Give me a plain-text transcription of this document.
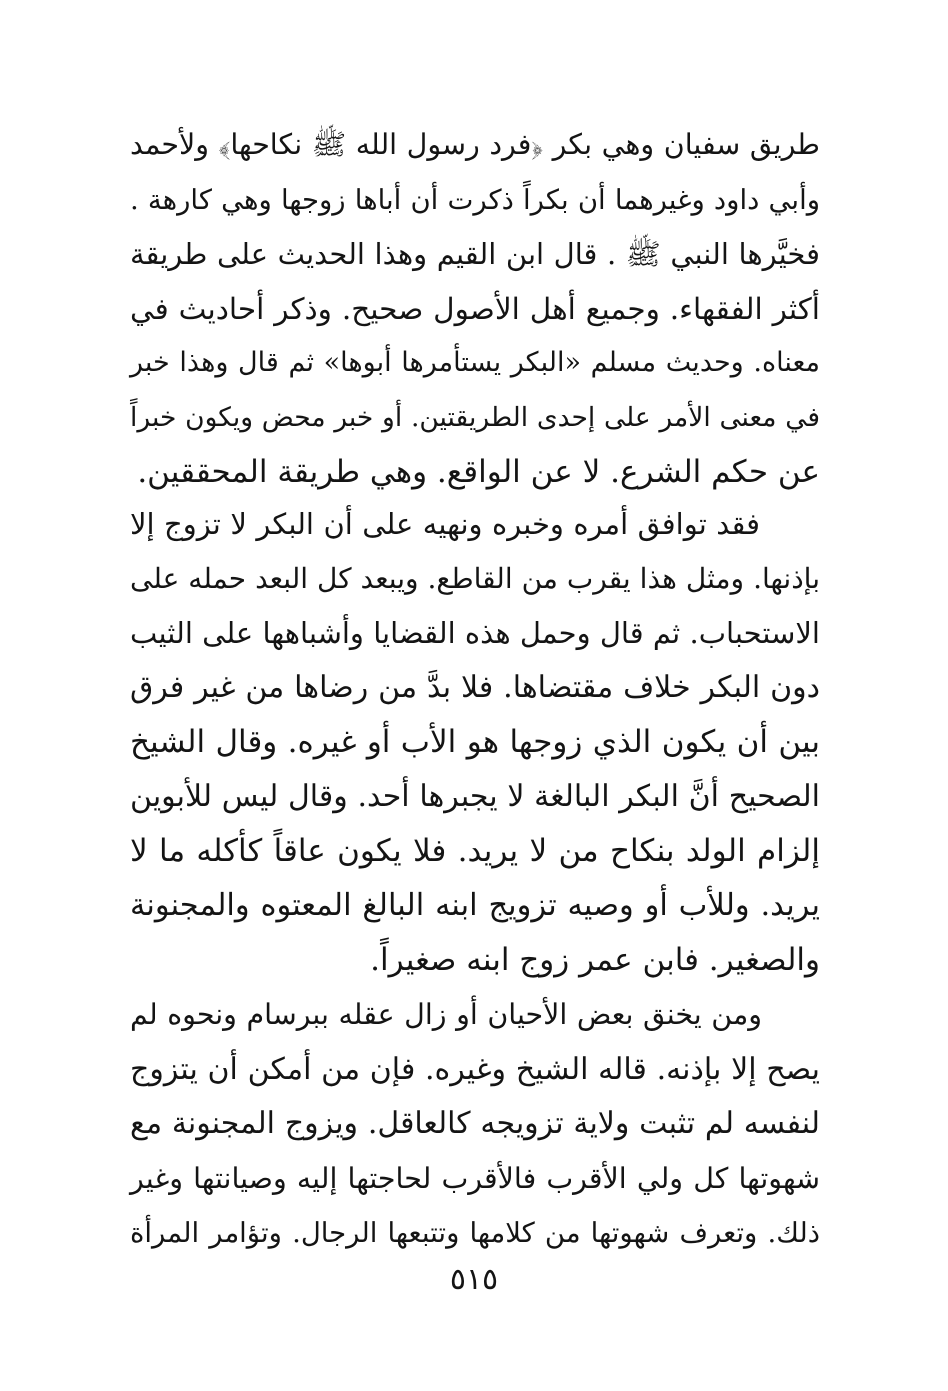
طريق سفيان وهي بكر ﴿فرد رسول الله ﷺ نكاحها﴾ ولأحمد
وأبي داود وغيرهما أن بكراً ذكرت أن أباها زوجها وهي كارهة .
فخيَّرها النبي ﷺ . قال ابن القيم وهذا الحديث على طريقة
أكثر الفقهاء. وجميع أهل الأصول صحيح. وذكر أحاديث في
معناه. وحديث مسلم «البكر يستأمرها أبوها» ثم قال وهذا خبر
في معنى الأمر على إحدى الطريقتين. أو خبر محض ويكون خبراً
عن حكم الشرع. لا عن الواقع. وهي طريقة المحققين.
فقد توافق أمره وخبره ونهيه على أن البكر لا تزوج إلا
بإذنها. ومثل هذا يقرب من القاطع. ويبعد كل البعد حمله على
الاستحباب. ثم قال وحمل هذه القضايا وأشباهها على الثيب
دون البكر خلاف مقتضاها. فلا بدَّ من رضاها من غير فرق
بين أن يكون الذي زوجها هو الأب أو غيره. وقال الشيخ
الصحيح أنَّ البكر البالغة لا يجبرها أحد. وقال ليس للأبوين
إلزام الولد بنكاح من لا يريد. فلا يكون عاقاً كأكله ما لا
يريد. وللأب أو وصيه تزويج ابنه البالغ المعتوه والمجنونة
والصغير. فابن عمر زوج ابنه صغيراً.
ومن يخنق بعض الأحيان أو زال عقله ببرسام ونحوه لم
يصح إلا بإذنه. قاله الشيخ وغيره. فإن من أمكن أن يتزوج
لنفسه لم تثبت ولاية تزويجه كالعاقل. ويزوج المجنونة مع
شهوتها كل ولي الأقرب فالأقرب لحاجتها إليه وصيانتها وغير
ذلك. وتعرف شهوتها من كلامها وتتبعها الرجال. وتؤامر المرأة
٥١٥
